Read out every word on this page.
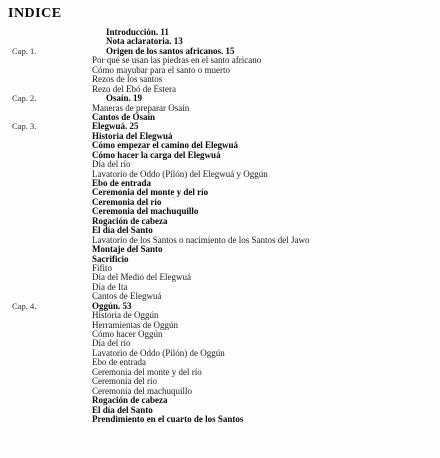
INDICE
Introducción. 11
Nota aclaratoria. 13
Cap. 1.	Origen de los santos africanos. 15
Por qué se usan las piedras en el santo africano
Cómo mayubar para el santo o muerto
Rezos de los santos
Rezo del Ebó de Estera
Cap. 2.	Osaín. 19
Maneras de preparar Osaín
Cantos de Osaín
Cap. 3.	Elegwuá. 25
Historia del Elegwuá
Cómo empezar el camino del Elegwuá
Cómo hacer la carga del Elegwuá
Día del río
Lavatorio de Oddo (Pilón) del Elegwuá y Oggún
Ebo de entrada
Ceremonia del monte y del río
Ceremonia del río
Ceremonia del machuquillo
Rogación de cabeza
El día del Santo
Lavatorio de los Santos o nacimiento de los Santos del Jawo
Montaje del Santo
Sacrificio
Fifito
Día del Medio del Elegwuá
Día de Ita
Cantos de Elegwuá
Cap. 4.	Oggún. 53
Historia de Oggún
Herramientas de Oggún
Cómo hacer Oggún
Día del río
Lavatorio de Oddo (Pilón) de Oggún
Ebo de entrada
Ceremonia del monte y del río
Ceremonia del río
Ceremonia del machuquillo
Rogación de cabeza
El día del Santo
Prendimiento en el cuarto de los Santos
